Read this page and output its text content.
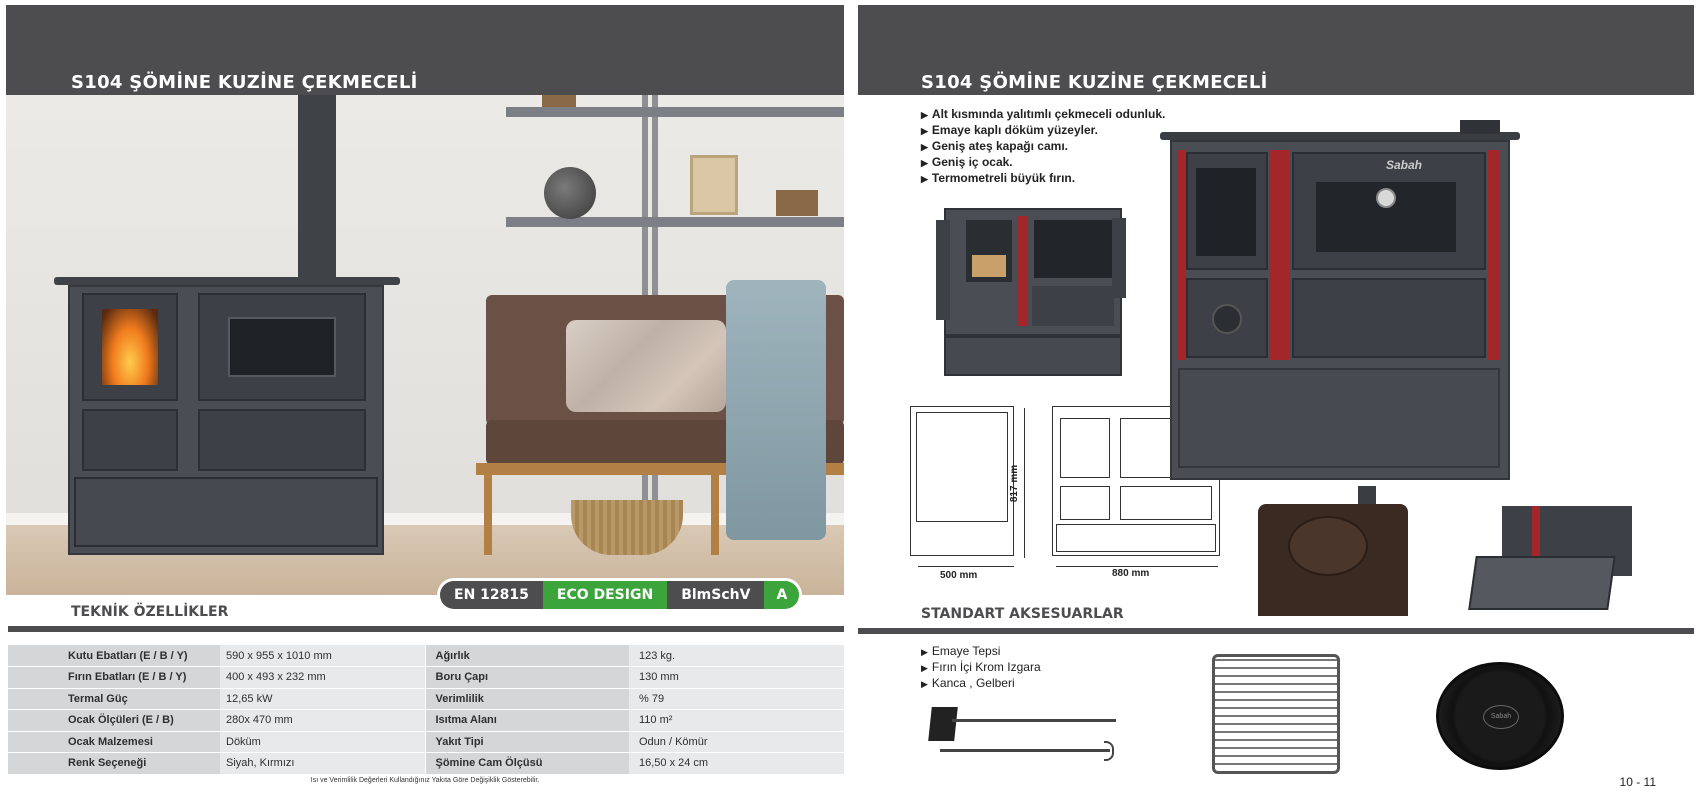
S104 ŞÖMİNE KUZİNE ÇEKMECELİ
EN 12815	ECO DESIGN	BlmSchV	A
TEKNİK ÖZELLİKLER
Kutu Ebatları (E / B / Y)	590 x 955 x 1010 mm	Ağırlık	123 kg.
Fırın Ebatları (E / B / Y)	400 x 493 x 232 mm	Boru Çapı	130 mm
Termal Güç	12,65 kW	Verimlilik	% 79
Ocak Ölçüleri (E / B)	280x 470 mm	Isıtma Alanı	110 m²
Ocak Malzemesi	Döküm	Yakıt Tipi	Odun / Kömür
Renk Seçeneği	Siyah, Kırmızı	Şömine Cam Ölçüsü	16,50 x 24 cm
Isı ve Verimlilik Değerleri Kullandığınız Yakıta Göre Değişiklik Gösterebilir.
S104 ŞÖMİNE KUZİNE ÇEKMECELİ
▶ Alt kısmında yalıtımlı çekmeceli odunluk.
▶ Emaye kaplı döküm yüzeyler.
▶ Geniş ateş kapağı camı.
▶ Geniş iç ocak.
▶ Termometreli büyük fırın.
817 mm
500 mm	880 mm
Sabah
STANDART AKSESUARLAR
▶ Emaye Tepsi
▶ Fırın İçi Krom Izgara
▶ Kanca , Gelberi
Sabah
10 - 11
